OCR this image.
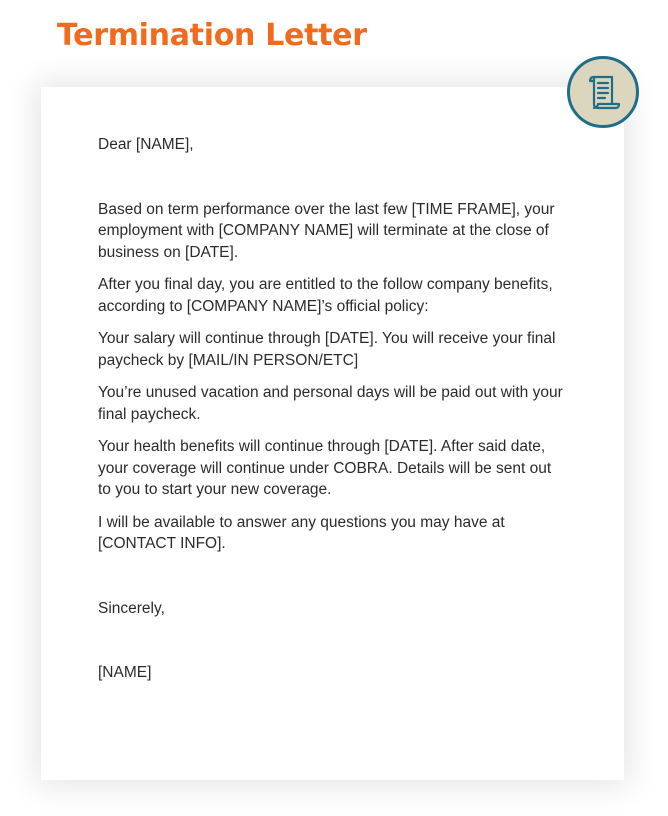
Termination Letter

Dear [NAME],

Based on term performance over the last few [TIME FRAME], your employment with [COMPANY NAME] will terminate at the close of business on [DATE].

After you final day, you are entitled to the follow company benefits, according to [COMPANY NAME]’s official policy:

Your salary will continue through [DATE]. You will receive your final paycheck by [MAIL/IN PERSON/ETC]

You’re unused vacation and personal days will be paid out with your final paycheck.

Your health benefits will continue through [DATE]. After said date, your coverage will continue under COBRA. Details will be sent out to you to start your new coverage.

I will be available to answer any questions you may have at [CONTACT INFO].

Sincerely,

[NAME]
